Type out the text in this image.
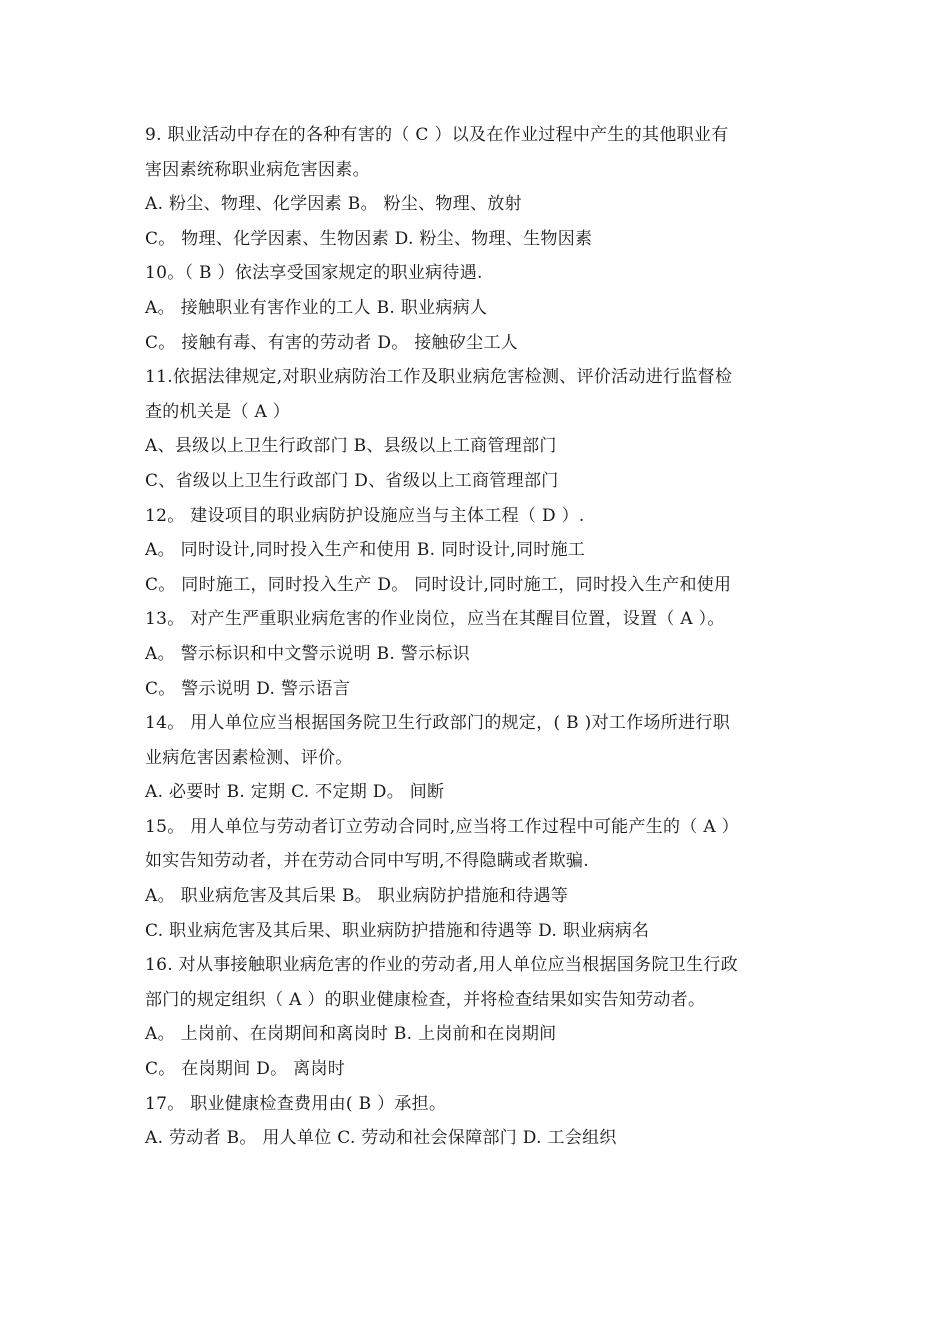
9. 职业活动中存在的各种有害的（ C ）以及在作业过程中产生的其他职业有
害因素统称职业病危害因素。
A. 粉尘、物理、化学因素 B。 粉尘、物理、放射
C。 物理、化学因素、生物因素 D. 粉尘、物理、生物因素
10。（ B ）依法享受国家规定的职业病待遇.
A。 接触职业有害作业的工人 B. 职业病病人
C。 接触有毒、有害的劳动者 D。 接触矽尘工人
11.依据法律规定,对职业病防治工作及职业病危害检测、评价活动进行监督检
查的机关是（ A ）
A、县级以上卫生行政部门 B、县级以上工商管理部门
C、省级以上卫生行政部门 D、省级以上工商管理部门
12。 建设项目的职业病防护设施应当与主体工程（ D ）.
A。 同时设计,同时投入生产和使用 B. 同时设计,同时施工
C。 同时施工，同时投入生产 D。 同时设计,同时施工，同时投入生产和使用
13。 对产生严重职业病危害的作业岗位，应当在其醒目位置，设置（ A ）。
A。 警示标识和中文警示说明 B. 警示标识
C。 警示说明 D. 警示语言
14。 用人单位应当根据国务院卫生行政部门的规定，( B )对工作场所进行职
业病危害因素检测、评价。
A. 必要时 B. 定期 C. 不定期 D。 间断
15。 用人单位与劳动者订立劳动合同时,应当将工作过程中可能产生的（ A ）
如实告知劳动者，并在劳动合同中写明,不得隐瞒或者欺骗.
A。 职业病危害及其后果 B。 职业病防护措施和待遇等
C. 职业病危害及其后果、职业病防护措施和待遇等 D. 职业病病名
16. 对从事接触职业病危害的作业的劳动者,用人单位应当根据国务院卫生行政
部门的规定组织（ A ）的职业健康检查，并将检查结果如实告知劳动者。
A。 上岗前、在岗期间和离岗时 B. 上岗前和在岗期间
C。 在岗期间 D。 离岗时
17。 职业健康检查费用由( B ）承担。
A. 劳动者 B。 用人单位 C. 劳动和社会保障部门 D. 工会组织
